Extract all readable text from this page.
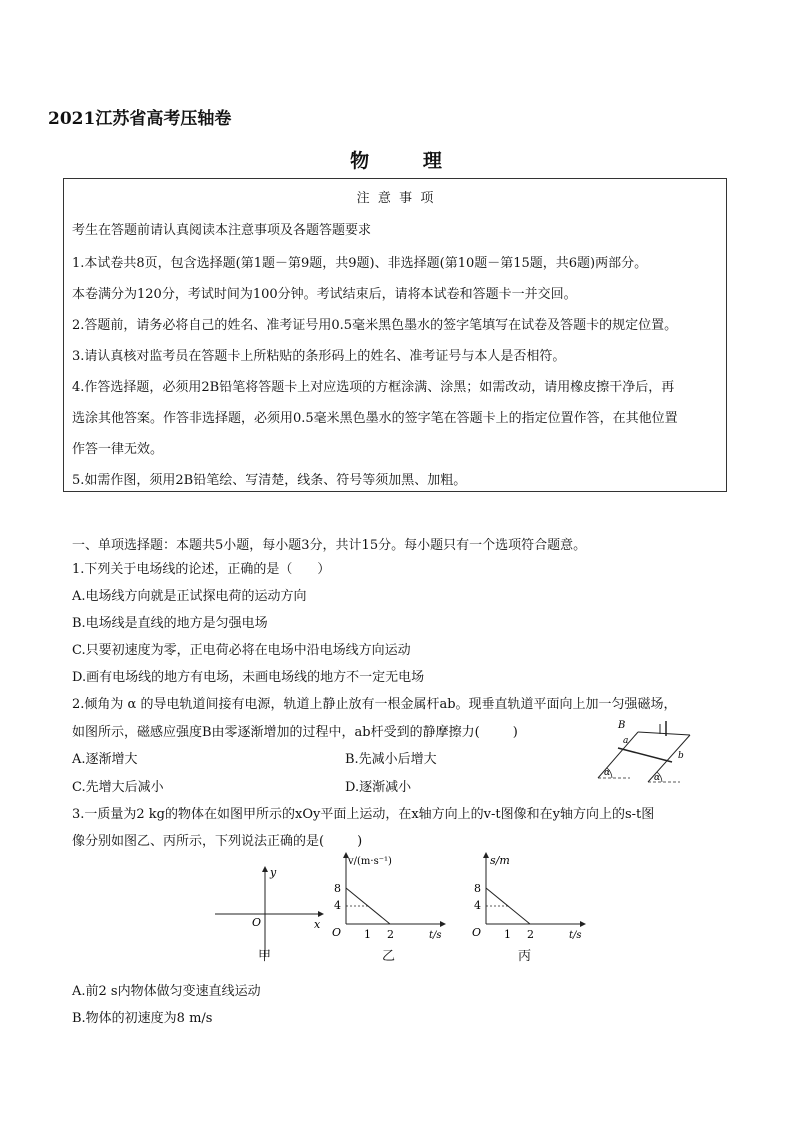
2021江苏省高考压轴卷
物      理
注  意  事  项
考生在答题前请认真阅读本注意事项及各题答题要求
1.本试卷共8页，包含选择题(第1题－第9题，共9题)、非选择题(第10题－第15题，共6题)两部分。
本卷满分为120分，考试时间为100分钟。考试结束后，请将本试卷和答题卡一并交回。
2.答题前，请务必将自己的姓名、准考证号用0.5毫米黑色墨水的签字笔填写在试卷及答题卡的规定位置。
3.请认真核对监考员在答题卡上所粘贴的条形码上的姓名、准考证号与本人是否相符。
4.作答选择题，必须用2B铅笔将答题卡上对应选项的方框涂满、涂黑；如需改动，请用橡皮擦干净后，再
选涂其他答案。作答非选择题，必须用0.5毫米黑色墨水的签字笔在答题卡上的指定位置作答，在其他位置
作答一律无效。
5.如需作图，须用2B铅笔绘、写清楚，线条、符号等须加黑、加粗。
一、单项选择题：本题共5小题，每小题3分，共计15分。每小题只有一个选项符合题意。
1.下列关于电场线的论述，正确的是（      ）
A.电场线方向就是正试探电荷的运动方向
B.电场线是直线的地方是匀强电场
C.只要初速度为零，正电荷必将在电场中沿电场线方向运动
D.画有电场线的地方有电场，未画电场线的地方不一定无电场
2.倾角为 α 的导电轨道间接有电源，轨道上静止放有一根金属杆ab。现垂直轨道平面向上加一匀强磁场，
如图所示，磁感应强度B由零逐渐增加的过程中，ab杆受到的静摩擦力(        )
A.逐渐增大	B.先减小后增大
C.先增大后减小	D.逐渐减小
B
a
b
α	α
3.一质量为2 kg的物体在如图甲所示的xOy平面上运动，在x轴方向上的v-t图像和在y轴方向上的s-t图
像分别如图乙、丙所示，下列说法正确的是(        )
y
x
O
甲
v/(m·s⁻¹)
t/s
O
8
4
1 2
乙
s/m
t/s
O
8
4
1 2
丙
A.前2 s内物体做匀变速直线运动
B.物体的初速度为8 m/s
